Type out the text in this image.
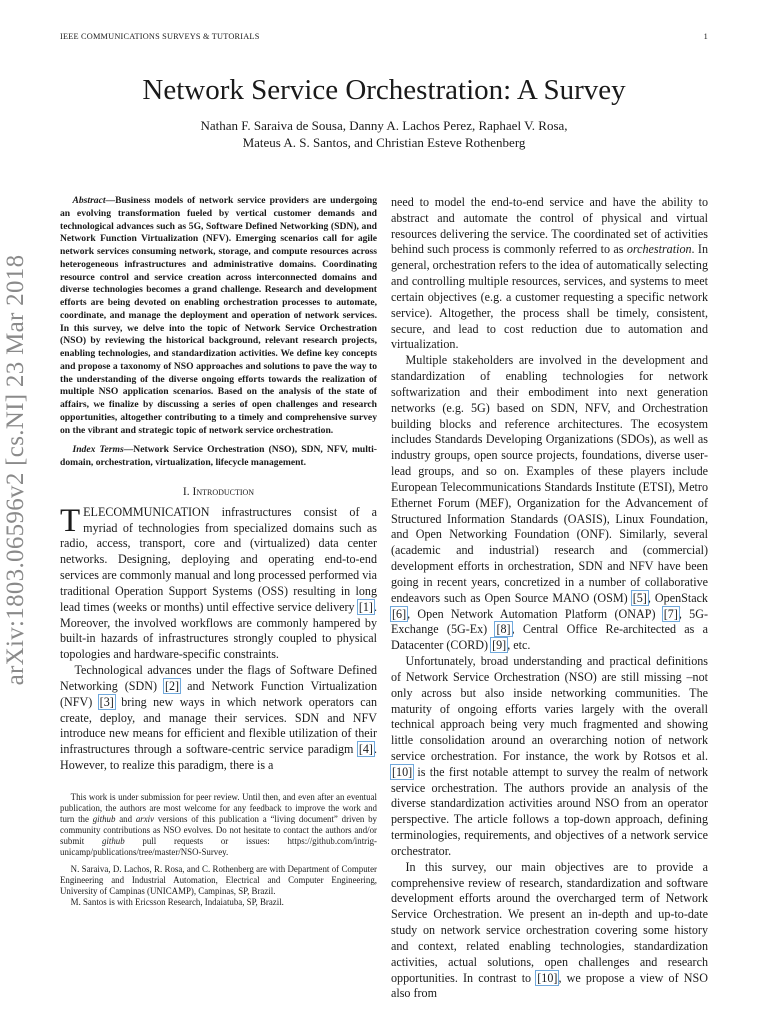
IEEE COMMUNICATIONS SURVEYS & TUTORIALS	1
arXiv:1803.06596v2 [cs.NI] 23 Mar 2018
Network Service Orchestration: A Survey
Nathan F. Saraiva de Sousa, Danny A. Lachos Perez, Raphael V. Rosa,
Mateus A. S. Santos, and Christian Esteve Rothenberg

Abstract—Business models of network service providers are undergoing an evolving transformation fueled by vertical customer demands and technological advances such as 5G, Software Defined Networking (SDN), and Network Function Virtualization (NFV). Emerging scenarios call for agile network services consuming network, storage, and compute resources across heterogeneous infrastructures and administrative domains. Coordinating resource control and service creation across interconnected domains and diverse technologies becomes a grand challenge. Research and development efforts are being devoted on enabling orchestration processes to automate, coordinate, and manage the deployment and operation of network services. In this survey, we delve into the topic of Network Service Orchestration (NSO) by reviewing the historical background, relevant research projects, enabling technologies, and standardization activities. We define key concepts and propose a taxonomy of NSO approaches and solutions to pave the way to the understanding of the diverse ongoing efforts towards the realization of multiple NSO application scenarios. Based on the analysis of the state of affairs, we finalize by discussing a series of open challenges and research opportunities, altogether contributing to a timely and comprehensive survey on the vibrant and strategic topic of network service orchestration.

Index Terms—Network Service Orchestration (NSO), SDN, NFV, multi-domain, orchestration, virtualization, lifecycle management.

I. Introduction

TELECOMMUNICATION infrastructures consist of a myriad of technologies from specialized domains such as radio, access, transport, core and (virtualized) data center networks. Designing, deploying and operating end-to-end services are commonly manual and long processed performed via traditional Operation Support Systems (OSS) resulting in long lead times (weeks or months) until effective service delivery [1]. Moreover, the involved workflows are commonly hampered by built-in hazards of infrastructures strongly coupled to physical topologies and hardware-specific constraints.

Technological advances under the flags of Software Defined Networking (SDN) [2] and Network Function Virtualization (NFV) [3] bring new ways in which network operators can create, deploy, and manage their services. SDN and NFV introduce new means for efficient and flexible utilization of their infrastructures through a software-centric service paradigm [4]. However, to realize this paradigm, there is a

This work is under submission for peer review. Until then, and even after an eventual publication, the authors are most welcome for any feedback to improve the work and turn the github and arxiv versions of this publication a “living document” driven by community contributions as NSO evolves. Do not hesitate to contact the authors and/or submit github pull requests or issues: https://github.com/intrig-unicamp/publications/tree/master/NSO-Survey.

N. Saraiva, D. Lachos, R. Rosa, and C. Rothenberg are with Department of Computer Engineering and Industrial Automation, Electrical and Computer Engineering, University of Campinas (UNICAMP), Campinas, SP, Brazil.

M. Santos is with Ericsson Research, Indaiatuba, SP, Brazil.

need to model the end-to-end service and have the ability to abstract and automate the control of physical and virtual resources delivering the service. The coordinated set of activities behind such process is commonly referred to as orchestration. In general, orchestration refers to the idea of automatically selecting and controlling multiple resources, services, and systems to meet certain objectives (e.g. a customer requesting a specific network service). Altogether, the process shall be timely, consistent, secure, and lead to cost reduction due to automation and virtualization.

Multiple stakeholders are involved in the development and standardization of enabling technologies for network softwarization and their embodiment into next generation networks (e.g. 5G) based on SDN, NFV, and Orchestration building blocks and reference architectures. The ecosystem includes Standards Developing Organizations (SDOs), as well as industry groups, open source projects, foundations, diverse user-lead groups, and so on. Examples of these players include European Telecommunications Standards Institute (ETSI), Metro Ethernet Forum (MEF), Organization for the Advancement of Structured Information Standards (OASIS), Linux Foundation, and Open Networking Foundation (ONF). Similarly, several (academic and industrial) research and (commercial) development efforts in orchestration, SDN and NFV have been going in recent years, concretized in a number of collaborative endeavors such as Open Source MANO (OSM) [5], OpenStack [6], Open Network Automation Platform (ONAP) [7], 5G-Exchange (5G-Ex) [8], Central Office Re-architected as a Datacenter (CORD) [9], etc.

Unfortunately, broad understanding and practical definitions of Network Service Orchestration (NSO) are still missing –not only across but also inside networking communities. The maturity of ongoing efforts varies largely with the overall technical approach being very much fragmented and showing little consolidation around an overarching notion of network service orchestration. For instance, the work by Rotsos et al. [10] is the first notable attempt to survey the realm of network service orchestration. The authors provide an analysis of the diverse standardization activities around NSO from an operator perspective. The article follows a top-down approach, defining terminologies, requirements, and objectives of a network service orchestrator.

In this survey, our main objectives are to provide a comprehensive review of research, standardization and software development efforts around the overcharged term of Network Service Orchestration. We present an in-depth and up-to-date study on network service orchestration covering some history and context, related enabling technologies, standardization activities, actual solutions, open challenges and research opportunities. In contrast to [10], we propose a view of NSO also from
